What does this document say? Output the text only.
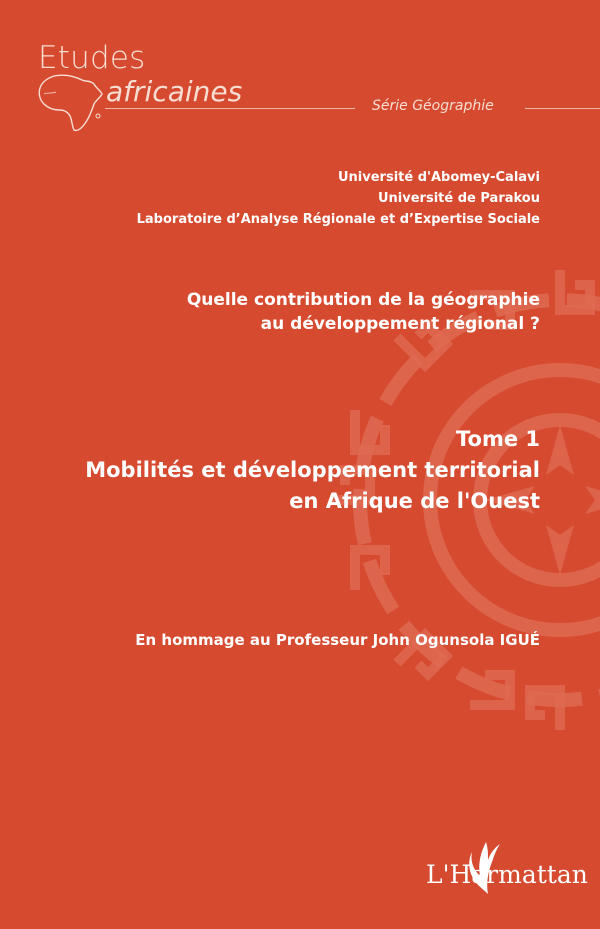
Etudes
africaines	Série Géographie
Université d'Abomey-Calavi
Université de Parakou
Laboratoire d’Analyse Régionale et d’Expertise Sociale
Quelle contribution de la géographie
au développement régional ?
Tome 1
Mobilités et développement territorial
en Afrique de l'Ouest
En hommage au Professeur John Ogunsola IGUÉ
L'Harmattan
